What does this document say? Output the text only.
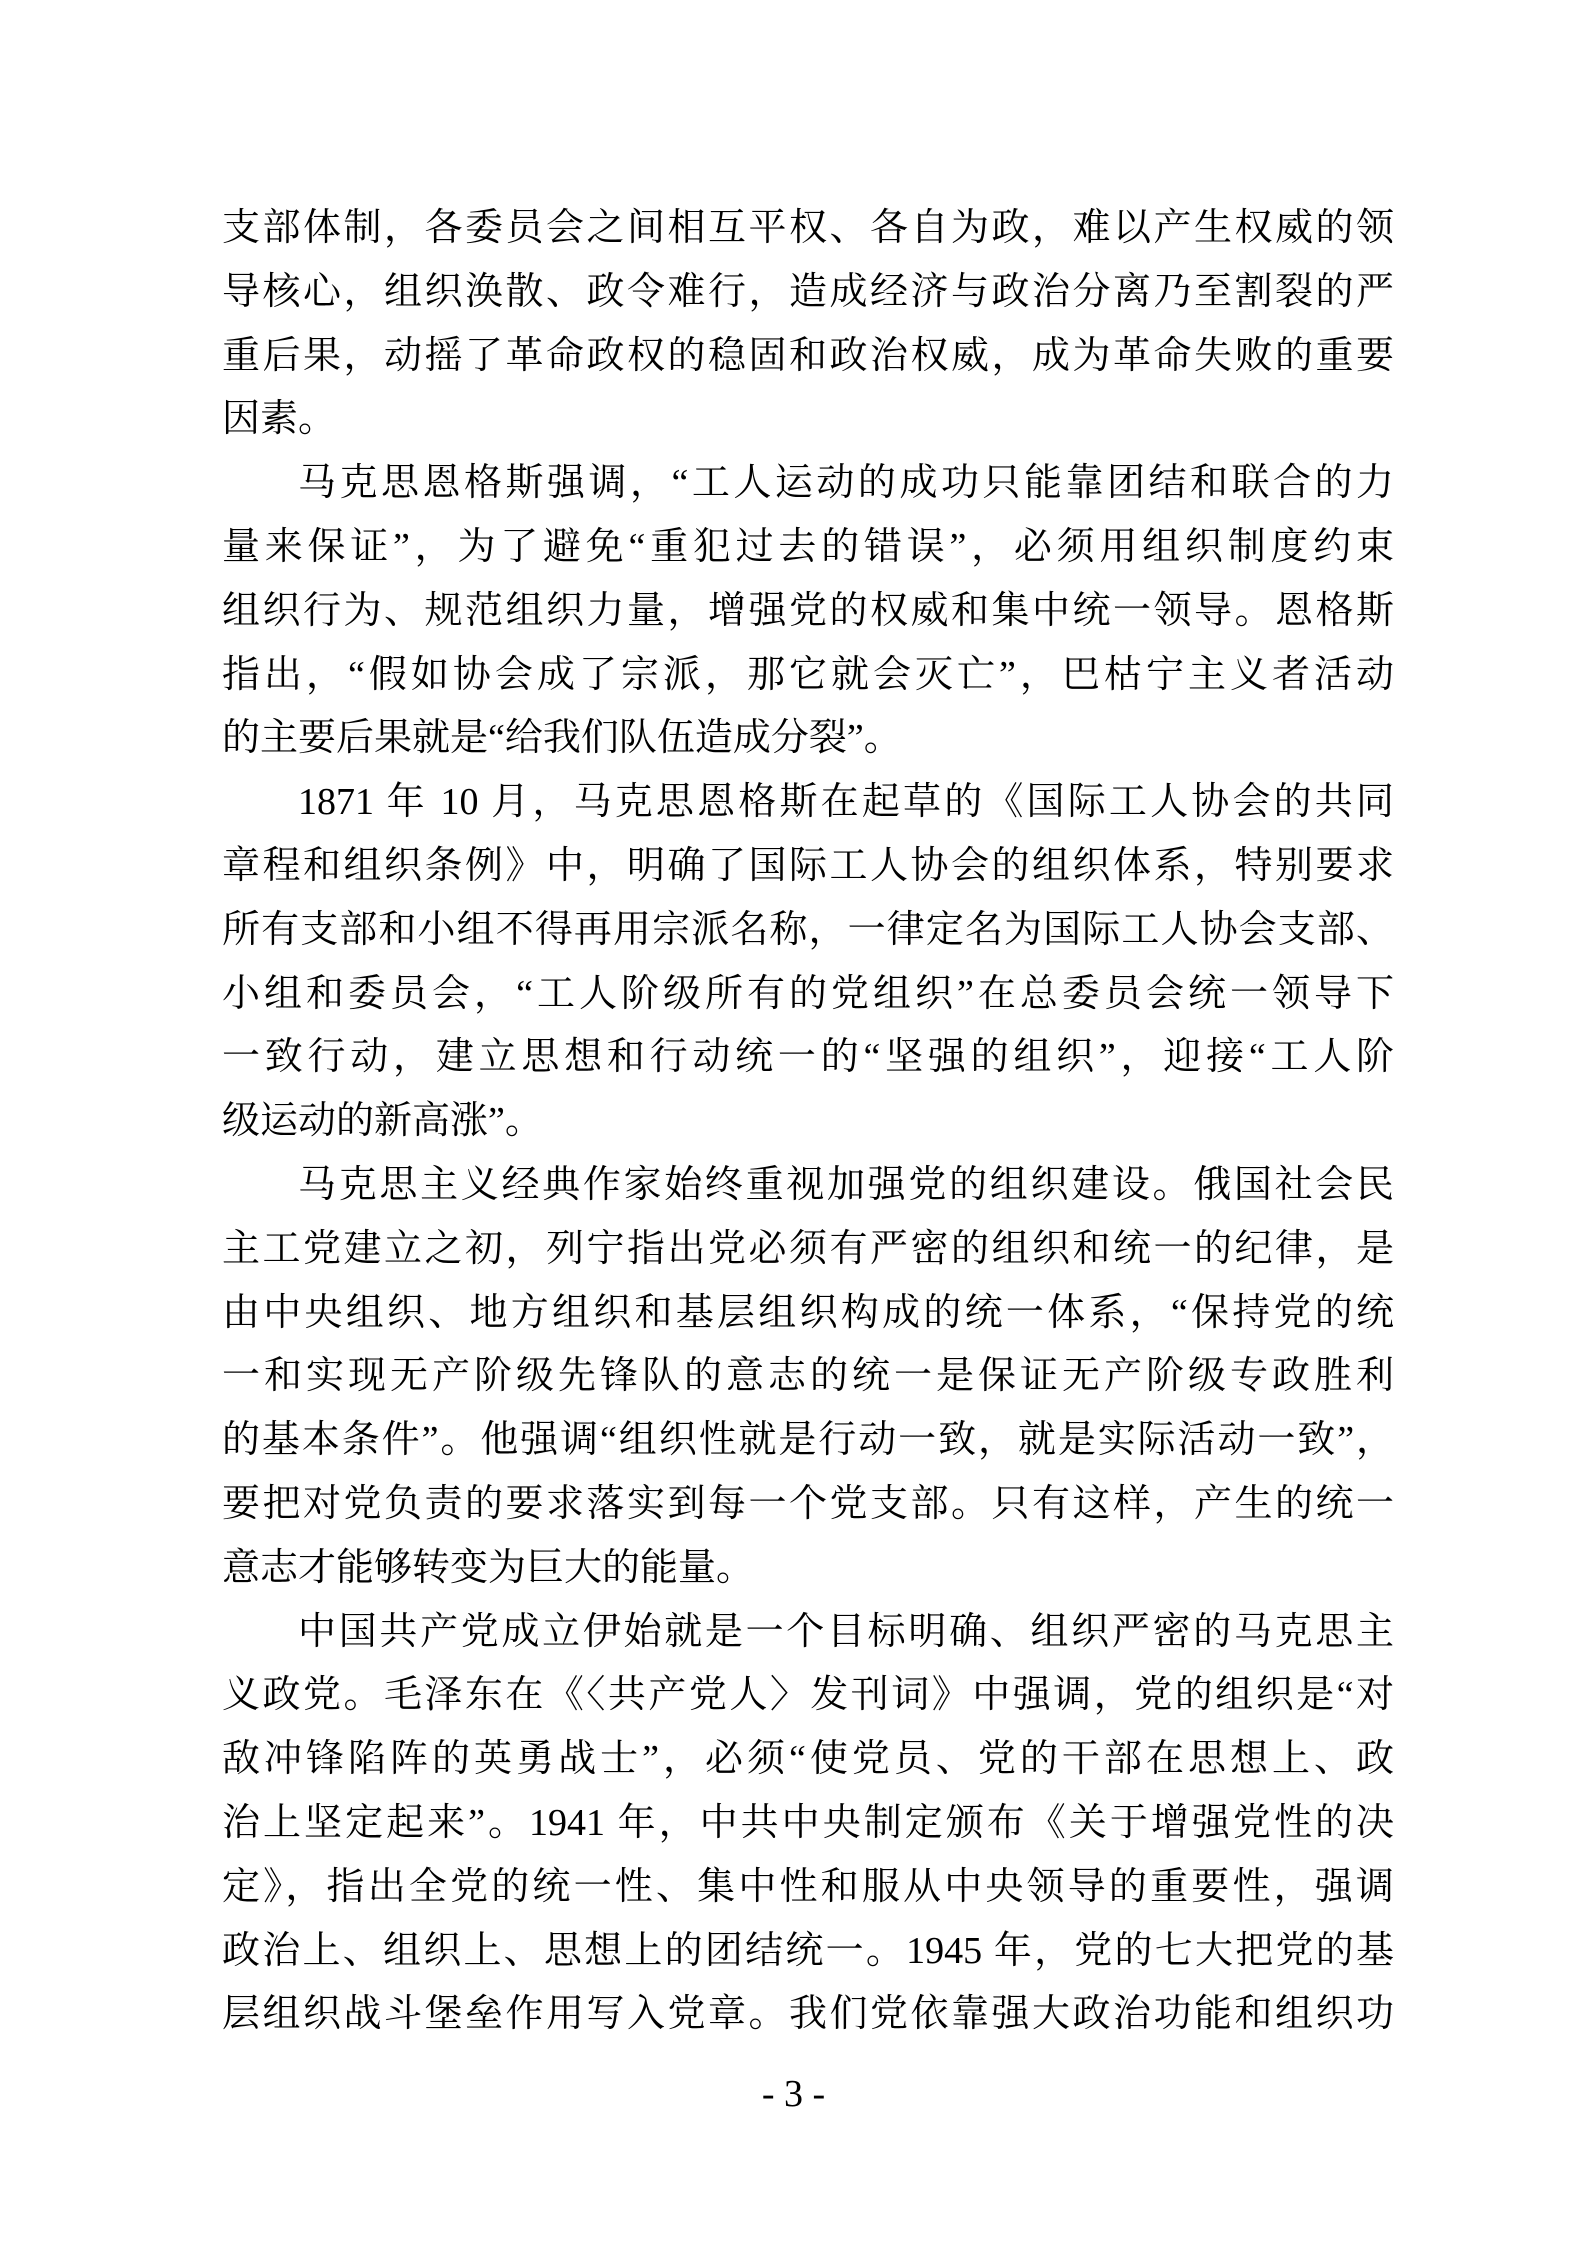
支部体制，各委员会之间相互平权、各自为政，难以产生权威的领
导核心，组织涣散、政令难行，造成经济与政治分离乃至割裂的严
重后果，动摇了革命政权的稳固和政治权威，成为革命失败的重要
因素。
马克思恩格斯强调，“工人运动的成功只能靠团结和联合的力
量来保证”，为了避免“重犯过去的错误”，必须用组织制度约束
组织行为、规范组织力量，增强党的权威和集中统一领导。恩格斯
指出，“假如协会成了宗派，那它就会灭亡”，巴枯宁主义者活动
的主要后果就是“给我们队伍造成分裂”。
1871 年 10 月，马克思恩格斯在起草的《国际工人协会的共同
章程和组织条例》中，明确了国际工人协会的组织体系，特别要求
所有支部和小组不得再用宗派名称，一律定名为国际工人协会支部、
小组和委员会，“工人阶级所有的党组织”在总委员会统一领导下
一致行动，建立思想和行动统一的“坚强的组织”，迎接“工人阶
级运动的新高涨”。
马克思主义经典作家始终重视加强党的组织建设。俄国社会民
主工党建立之初，列宁指出党必须有严密的组织和统一的纪律，是
由中央组织、地方组织和基层组织构成的统一体系，“保持党的统
一和实现无产阶级先锋队的意志的统一是保证无产阶级专政胜利
的基本条件”。他强调“组织性就是行动一致，就是实际活动一致”，
要把对党负责的要求落实到每一个党支部。只有这样，产生的统一
意志才能够转变为巨大的能量。
中国共产党成立伊始就是一个目标明确、组织严密的马克思主
义政党。毛泽东在《〈共产党人〉发刊词》中强调，党的组织是“对
敌冲锋陷阵的英勇战士”，必须“使党员、党的干部在思想上、政
治上坚定起来”。1941 年，中共中央制定颁布《关于增强党性的决
定》，指出全党的统一性、集中性和服从中央领导的重要性，强调
政治上、组织上、思想上的团结统一。1945 年，党的七大把党的基
层组织战斗堡垒作用写入党章。我们党依靠强大政治功能和组织功
- 3 -
